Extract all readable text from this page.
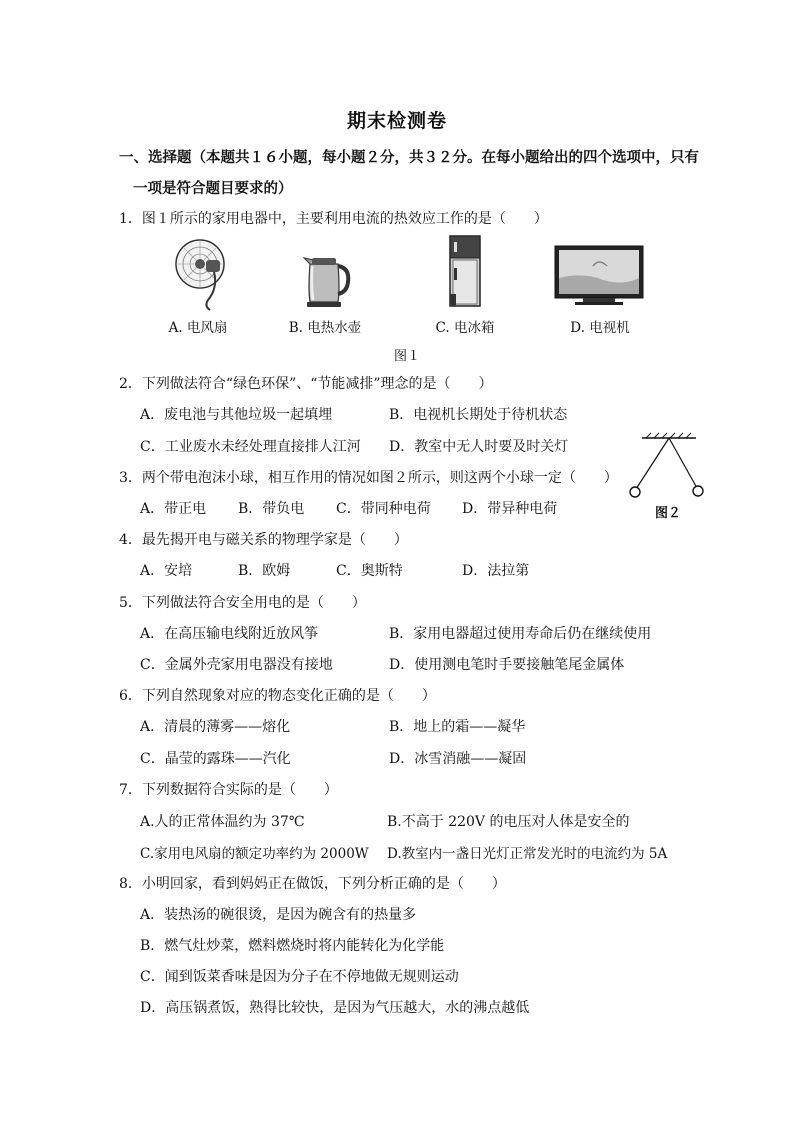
期末检测卷
一、选择题（本题共１６小题，每小题２分，共３２分。在每小题给出的四个选项中，只有
一项是符合题目要求的）
1．图１所示的家用电器中，主要利用电流的热效应工作的是（　　）
A. 电风扇	B. 电热水壶	C. 电冰箱	D. 电视机
图１
2．下列做法符合“绿色环保”、“节能减排”理念的是（　　）
A．废电池与其他垃圾一起填埋	B．电视机长期处于待机状态
C．工业废水未经处理直接排人江河 D．教室中无人时要及时关灯
图２
3．两个带电泡沫小球，相互作用的情况如图２所示，则这两个小球一定（　　）
A．带正电 B．带负电 C．带同种电荷 D．带异种电荷
4．最先揭开电与磁关系的物理学家是（　　）
A．安培	B．欧姆	C．奥斯特	D．法拉第
5．下列做法符合安全用电的是（　　）
A．在高压输电线附近放风筝	B．家用电器超过使用寿命后仍在继续使用
C．金属外壳家用电器没有接地	D．使用测电笔时手要接触笔尾金属体
6．下列自然现象对应的物态变化正确的是（　　）
A．清晨的薄雾——熔化	B．地上的霜——凝华
C．晶莹的露珠——汽化	D．冰雪消融——凝固
7．下列数据符合实际的是（　　）
A.人的正常体温约为 37℃	B.不高于 220V 的电压对人体是安全的
C.家用电风扇的额定功率约为 2000W D.教室内一盏日光灯正常发光时的电流约为 5A
8．小明回家，看到妈妈正在做饭，下列分析正确的是（　　）
A．装热汤的碗很烫，是因为碗含有的热量多
B．燃气灶炒菜，燃料燃烧时将内能转化为化学能
C．闻到饭菜香味是因为分子在不停地做无规则运动
D．高压锅煮饭，熟得比较快，是因为气压越大，水的沸点越低
